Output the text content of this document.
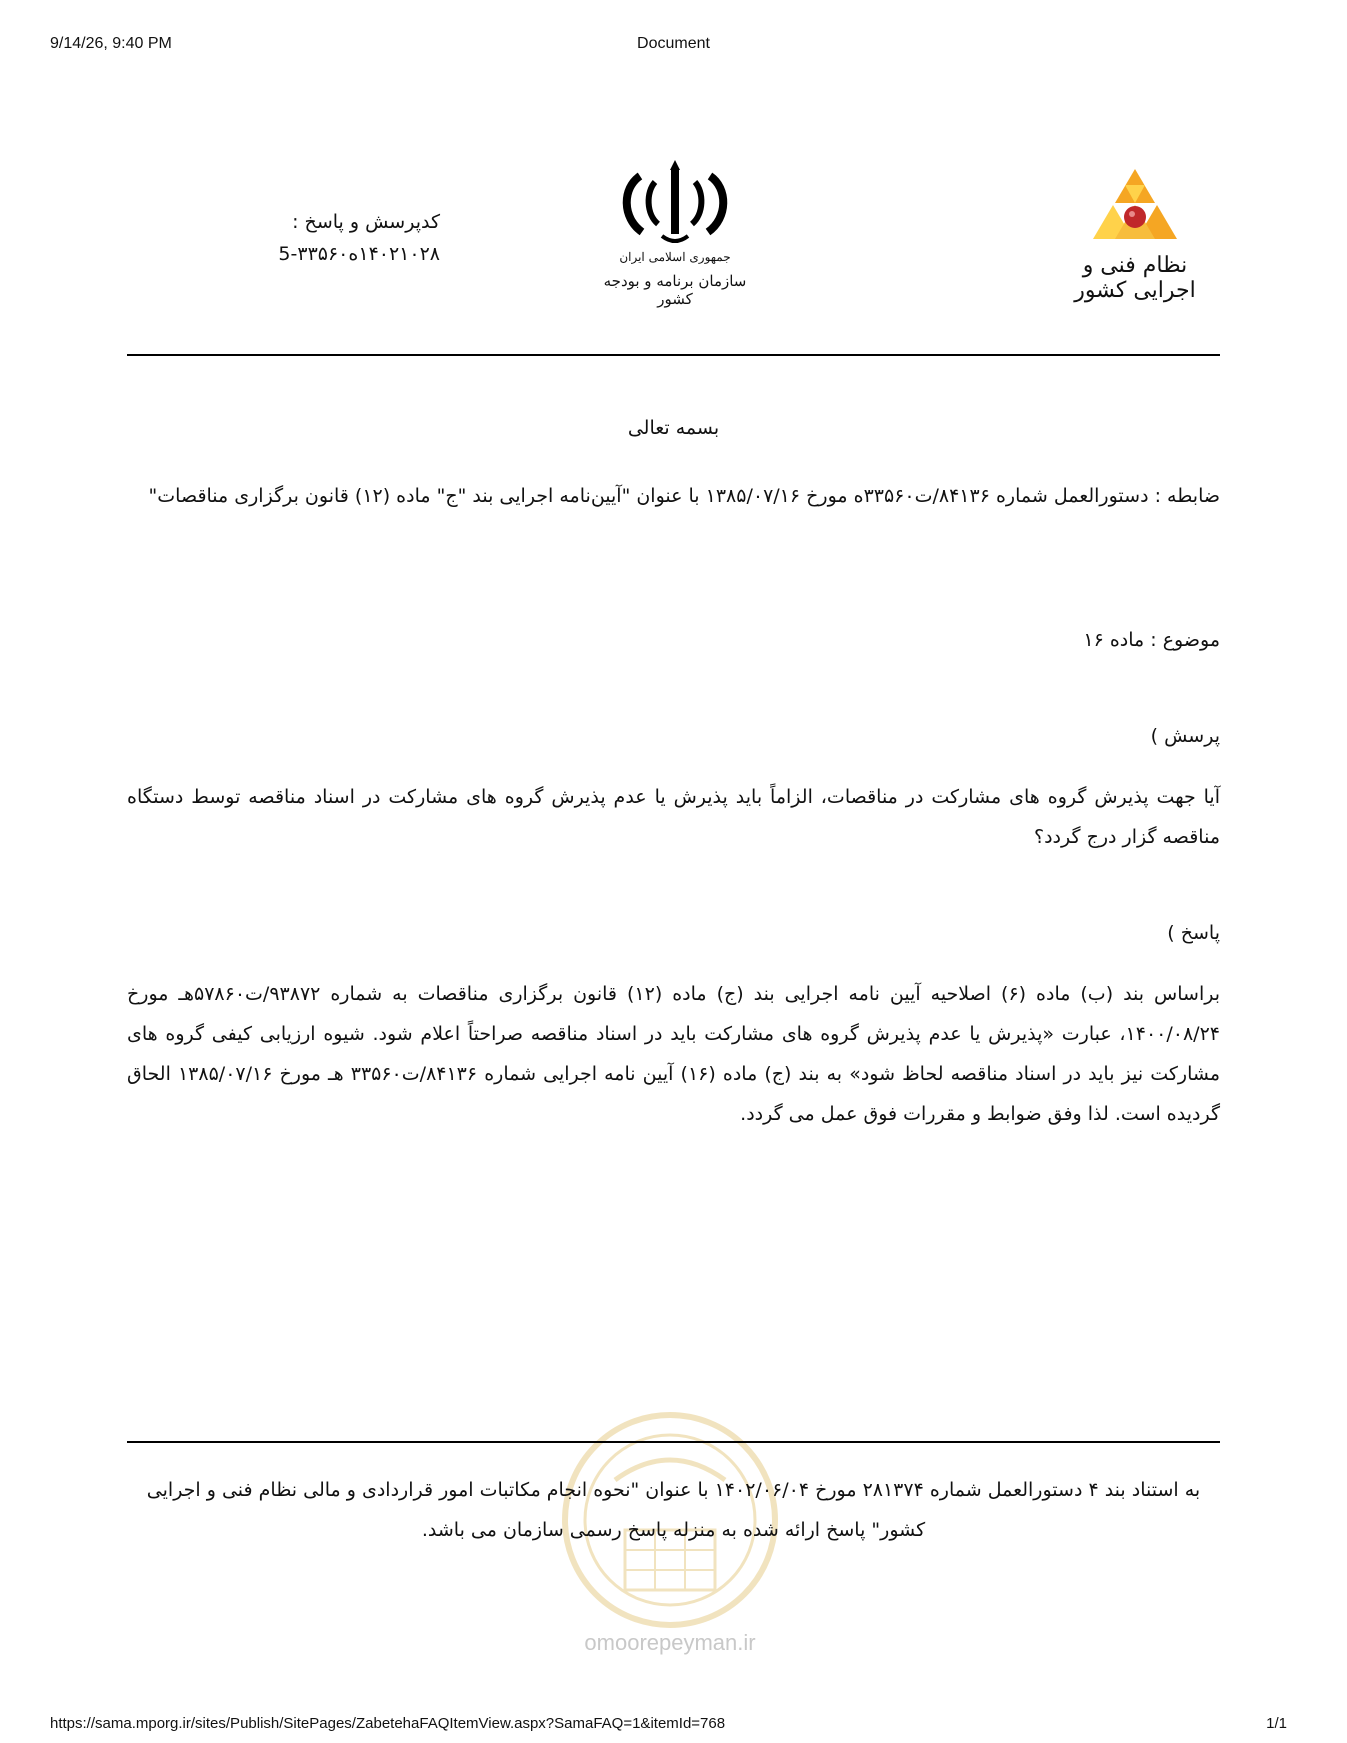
9/14/26, 9:40 PM	Document
نظام فنی و اجرایی کشور
جمهوری اسلامی ایران
سازمان برنامه و بودجه کشور
کدپرسش و پاسخ :
۱۴۰۲۱۰۲۸ه۳۳۵۶۰-5
بسمه تعالی
ضابطه : دستورالعمل شماره ۸۴۱۳۶/ت۳۳۵۶۰ه مورخ ۱۳۸۵/۰۷/۱۶ با عنوان "آیین‌نامه اجرایی بند "ج" ماده (۱۲) قانون برگزاری مناقصات"
موضوع : ماده ۱۶
پرسش )
آیا جهت پذیرش گروه های مشارکت در مناقصات، الزاماً باید پذیرش یا عدم پذیرش گروه های مشارکت در اسناد مناقصه توسط دستگاه مناقصه گزار درج گردد؟
پاسخ )
براساس بند (ب) ماده (۶) اصلاحیه آیین نامه اجرایی بند (ج) ماده (۱۲) قانون برگزاری مناقصات به شماره ۹۳۸۷۲/ت۵۷۸۶۰هـ مورخ ۱۴۰۰/۰۸/۲۴، عبارت «پذیرش یا عدم پذیرش گروه های مشارکت باید در اسناد مناقصه صراحتاً اعلام شود. شیوه ارزیابی کیفی گروه های مشارکت نیز باید در اسناد مناقصه لحاظ شود» به بند (ج) ماده (۱۶) آیین نامه اجرایی شماره ۸۴۱۳۶/ت۳۳۵۶۰ هـ مورخ ۱۳۸۵/۰۷/۱۶ الحاق گردیده است. لذا وفق ضوابط و مقررات فوق عمل می گردد.
به استناد بند ۴ دستورالعمل شماره ۲۸۱۳۷۴ مورخ ۱۴۰۲/۰۶/۰۴ با عنوان "نحوه انجام مکاتبات امور قراردادی و مالی نظام فنی و اجرایی کشور" پاسخ ارائه شده به منزله پاسخ رسمی سازمان می باشد.
omoorepeyman.ir
https://sama.mporg.ir/sites/Publish/SitePages/ZabetehaFAQItemView.aspx?SamaFAQ=1&itemId=768	1/1
